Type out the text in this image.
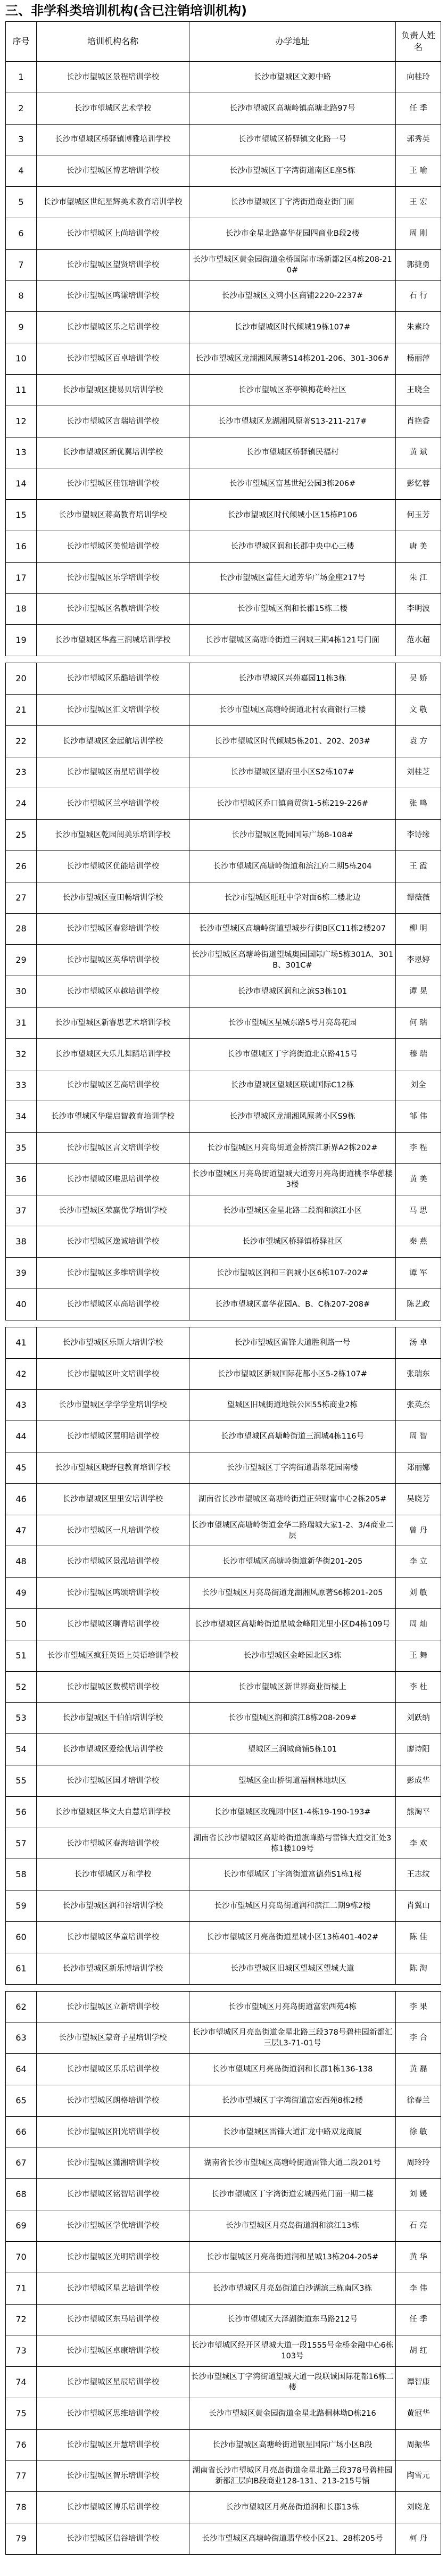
三、非学科类培训机构(含已注销培训机构)
序号	培训机构名称	办学地址	负责人姓名
1	长沙市望城区景程培训学校	长沙市望城区文源中路	向桂玲
2	长沙市望城区艺术学校	长沙市望城区高塘岭镇高塘北路97号	任 季
3	长沙市望城区桥驿镇博雅培训学校	长沙市望城区桥驿镇文化路一号	郭秀英
4	长沙市望城区博艺培训学校	长沙市望城区丁字湾街道南区E座5栋	王 喻
5	长沙市望城区世纪星辉美术教育培训学校	长沙市望城区丁字湾街道商业街门面	王 宏
6	长沙市望城区上尚培训学校	长沙市金星北路嘉华花园四商业B段2楼	周 刚
7	长沙市望城区望贤培训学校	长沙市望城区黄金园街道金桥国际市场新都2区4栋208-210#	郭捷勇
8	长沙市望城区鸣谦培训学校	长沙市望城区文鸿小区商铺2220-2237#	石 行
9	长沙市望城区乐之培训学校	长沙市望城区时代倾城19栋107#	朱素玲
10	长沙市望城区百卓培训学校	长沙市望城区龙湖湘风原著S14栋201-206、301-306#	杨丽萍
11	长沙市望城区捷易贝培训学校	长沙市望城区茶亭镇梅花岭社区	王晓全
12	长沙市望城区言瑞培训学校	长沙市望城区龙湖湘风原著S13-211-217#	肖艳香
13	长沙市望城区新优翼培训学校	长沙市望城区桥驿镇民福村	黄 斌
14	长沙市望城区佳钰培训学校	长沙市望城区富基世纪公园3栋206#	彭忆蓉
15	长沙市望城区蒋高教育培训学校	长沙市望城区时代倾城小区15栋P106	何玉芳
16	长沙市望城区美悦培训学校	长沙市望城区润和长郡中央中心三楼	唐 美
17	长沙市望城区乐学培训学校	长沙市望城区富佳大道芳华广场金座217号	朱 江
18	长沙市望城区名教培训学校	长沙市望城区润和长郡15栋二楼	李明波
19	长沙市望城区华鑫三润城培训学校	长沙市望城区高塘岭街道三润城三期4栋121号门面	范水超

20	长沙市望城区乐酷培训学校	长沙市望城区兴苑嘉园11栋3栋	吴 娇
21	长沙市望城区汇文培训学校	长沙市望城区高塘岭街道北村农商银行三楼	文 敬
22	长沙市望城区金起航培训学校	长沙市望城区时代倾城5栋201、202、203#	袁 方
23	长沙市望城区南星培训学校	长沙市望城区望府里小区S2栋107#	刘桂芝
24	长沙市望城区兰亭培训学校	长沙市望城区乔口镇商贸街1-5栋219-226#	张 鸣
25	长沙市望城区乾园阅美乐培训学校	长沙市望城区乾园国际广场8-108#	李诗缘
26	长沙市望城区优能培训学校	长沙市望城区高塘岭街道和滨江府二期5栋204	王 霞
27	长沙市望城区壹田畅培训学校	长沙市望城区旺旺中学对面6栋二楼北边	谭薇薇
28	长沙市望城区春彩培训学校	长沙市望城区高塘岭街道望城步行街B区C11栋2楼207	柳 明
29	长沙市望城区英华培训学校	长沙市望城区高塘岭街道望城奥园国际广场5栋301A、301B、301C#	李恩婷
30	长沙市望城区卓越培训学校	长沙市望城区润和之滨S3栋101	谭 晃
31	长沙市望城区新睿思艺术培训学校	长沙市望城区星城东路5号月亮岛花园	何 瑞
32	长沙市望城区大乐儿舞蹈培训学校	长沙市望城区丁字湾街道北京路415号	穆 瑞
33	长沙市望城区艺高培训学校	长沙市望城区望城区联诚国际C12栋	刘全
34	长沙市望城区华瑞启智教育培训学校	长沙市望城区龙湖湘风原著小区S9栋	邹 伟
35	长沙市望城区言文培训学校	长沙市望城区月亮岛街道金桥滨江新界A2栋202#	李 程
36	长沙市望城区唯思培训学校	长沙市望城区月亮岛街道望城大道旁月亮岛街道桃李华憩楼3楼	黄 美
37	长沙市望城区荣赢优学培训学校	长沙市望城区金星北路二段润和滨江小区	马 思
38	长沙市望城区逸诚培训学校	长沙市望城区桥驿镇桥驿社区	秦 燕
39	长沙市望城区多维培训学校	长沙市望城区润和三润城小区6栋107-202#	谭 军
40	长沙市望城区卓高培训学校	长沙市望城区嘉华花园A、B、C栋207-208#	陈艺政

41	长沙市望城区乐斯大培训学校	长沙市望城区雷锋大道胜利路一号	汤 卓
42	长沙市望城区叶文培训学校	长沙市望城区新城国际花都小区5-2栋107#	张瑞东
43	长沙市望城区学学学堂培训学校	望城区旧城街道地铁公园55栋商业2栋	张英杰
44	长沙市望城区慧明培训学校	长沙市望城区高塘岭街道三润城4栋116号	周 智
45	长沙市望城区晓野包教育培训学校	长沙市望城区丁字湾街道翡翠花园南楼	郑丽娜
46	长沙市望城区里里安培训学校	湖南省长沙市望城区高塘岭街道正荣财富中心2栋205#	吴晓芳
47	长沙市望城区一凡培训学校	长沙市望城区高塘岭街道金华二路瑞城大家1-2、3/4商业二层	曾 丹
48	长沙市望城区景泓培训学校	长沙市望城区高塘岭街道新华街201-205	李 立
49	长沙市望城区鸣颂培训学校	长沙市望城区月亮岛街道龙湖湘风原著S6栋201-205	刘 敏
50	长沙市望城区聊青培训学校	长沙市望城区高塘岭街道星城金峰阳光里小区D4栋109号	周 灿
51	长沙市望城区疯狂英语上英语培训学校	长沙市望城区金峰园北区3栋	王 舞
52	长沙市望城区数模培训学校	长沙市望城区新世界商业街楼上	李 杜
53	长沙市望城区千伯伯培训学校	长沙市望城区润和滨江8栋208-209#	刘跃纳
54	长沙市望城区爱绘优培训学校	望城区三润城商铺5栋101	廖诗阳
55	长沙市望城区国才培训学校	望城区金山桥街道福桐林地块区	彭成华
56	长沙市望城区华文大自慧培训学校	长沙市望城区玫瑰园中区1-4栋19-190-193#	熊淘平
57	长沙市望城区春海培训学校	湖南省长沙市望城区高塘岭街道旗峰路与雷锋大道交汇处3栋1楼109号	李 欢
58	长沙市望城区万和学校	长沙市望城区丁字湾街道富德苑S1栋1楼	王志纹
59	长沙市望城区润和谷培训学校	长沙市望城区月亮岛街道润和滨江二期9栋2楼	肖翼山
60	长沙市望城区华童培训学校	长沙市望城区月亮岛街道星城小区13栋401-402#	陈 佳
61	长沙市望城区新乐博培训学校	长沙市望城区旧城区望城区望城大道	陈 淘

62	长沙市望城区立新培训学校	长沙市望城区月亮岛街道富宏西苑4栋	李 果
63	长沙市望城区蒙奇子星培训学校	长沙市望城区月亮岛街道金星北路三段378号碧桂园新都汇三层L3-71-01号	李 合
64	长沙市望城区乐乐培训学校	长沙市望城区月亮岛街道润和长郡1栋136-138	黄 磊
65	长沙市望城区朗格培训学校	长沙市望城区丁字湾街道富宏西苑8栋2楼	徐春兰
66	长沙市望城区阳光培训学校	长沙市望城区雷锋大道汇龙中路双龙商厦	徐 敏
67	长沙市望城区潇湘培训学校	湖南省长沙市望城区高塘岭街道雷锋大道二段201号	周玲玲
68	长沙市望城区铭智培训学校	长沙市望城区丁字湾街道宏城西苑门面一期二楼	刘 媛
69	长沙市望城区学优培训学校	长沙市望城区月亮岛街道润和滨江13栋	石 亮
70	长沙市望城区光明培训学校	长沙市望城区月亮岛街道润和星城13栋204-205#	黄 华
71	长沙市望城区星艺培训学校	长沙市望城区月亮岛街道白沙湖滨三栋南区3栋	李 伟
72	长沙市望城区东马培训学校	长沙市望城区大泽湖街道东马路212号	任 季
73	长沙市望城区卓康培训学校	长沙市望城区经开区望城大道一段1555号金桥金融中心6栋103号	胡 红
74	长沙市望城区星辰培训学校	长沙市望城区丁字湾街道望城大道一段联诚国际花都16栋二楼	谭智康
75	长沙市望城区思维培训学校	长沙市望城区黄金园街道金星北路桐林坳D栋216	黄冠华
76	长沙市望城区开慧培训学校	长沙市望城区高塘岭街道银星国际广场小区B段	周振华
77	长沙市望城区智乐培训学校	湖南省长沙市望城区月亮岛街道金星北路三段378号碧桂园新都汇层向B段商业128-131、213-215号铺	陶雪元
78	长沙市望城区博乐培训学校	长沙市望城区月亮岛街道润和长郡13栋	刘晓龙
79	长沙市望城区信谷培训学校	长沙市望城区高塘岭街道翡华校小区21、28栋205号	柯 丹
